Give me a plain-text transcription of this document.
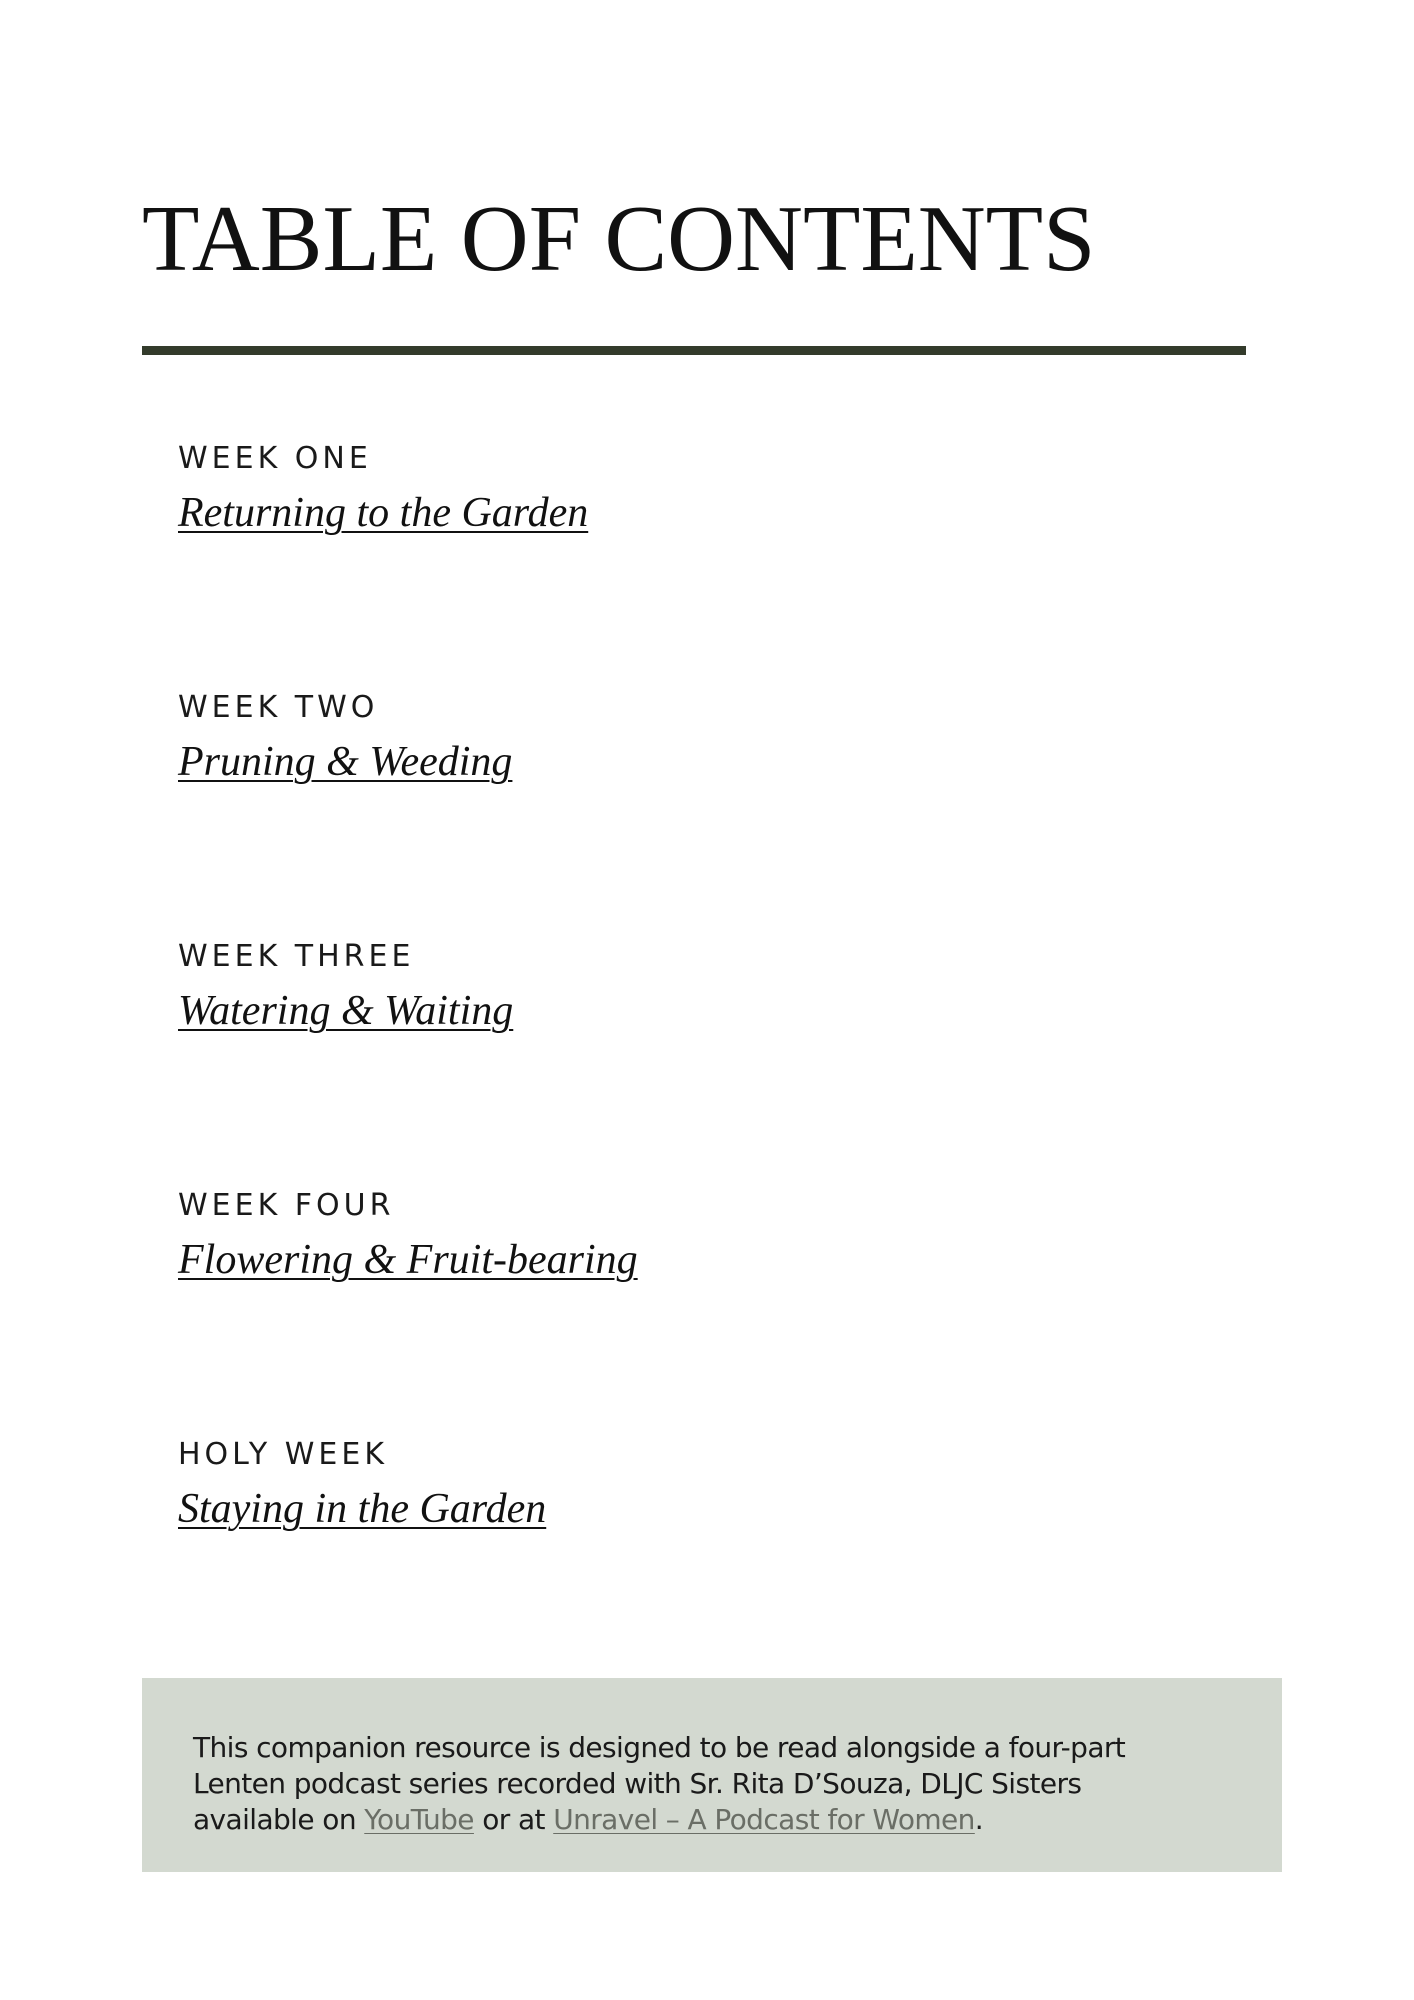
TABLE OF CONTENTS
WEEK ONE
Returning to the Garden
WEEK TWO
Pruning & Weeding
WEEK THREE
Watering & Waiting
WEEK FOUR
Flowering & Fruit-bearing
HOLY WEEK
Staying in the Garden

This companion resource is designed to be read alongside a four-part
Lenten podcast series recorded with Sr. Rita D’Souza, DLJC Sisters
available on YouTube or at Unravel – A Podcast for Women.
